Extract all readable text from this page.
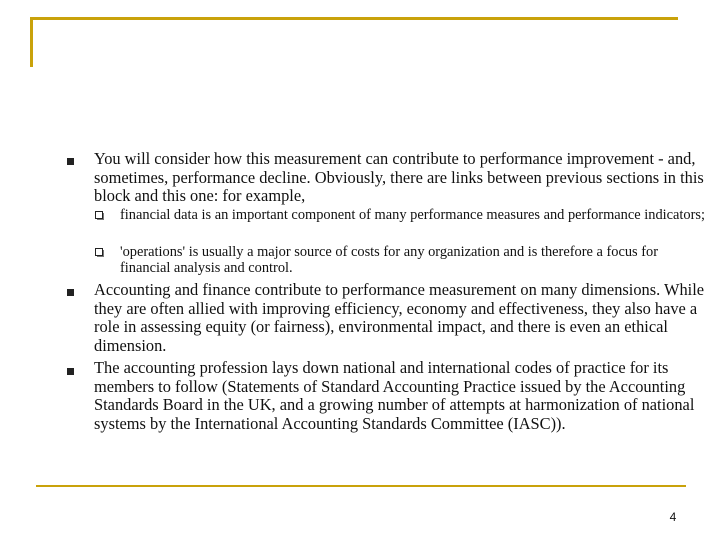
You will consider how this measurement can contribute to performance improvement - and, sometimes, performance decline. Obviously, there are links between previous sections in this block and this one: for example,
financial data is an important component of many performance measures and performance indicators;
'operations' is usually a major source of costs for any organization and is therefore a focus for financial analysis and control.
Accounting and finance contribute to performance measurement on many dimensions. While they are often allied with improving efficiency, economy and effectiveness, they also have a role in assessing equity (or fairness), environmental impact, and there is even an ethical dimension.
The accounting profession lays down national and international codes of practice for its members to follow (Statements of Standard Accounting Practice issued by the Accounting Standards Board in the UK, and a growing number of attempts at harmonization of national systems by the International Accounting Standards Committee (IASC)).
4
